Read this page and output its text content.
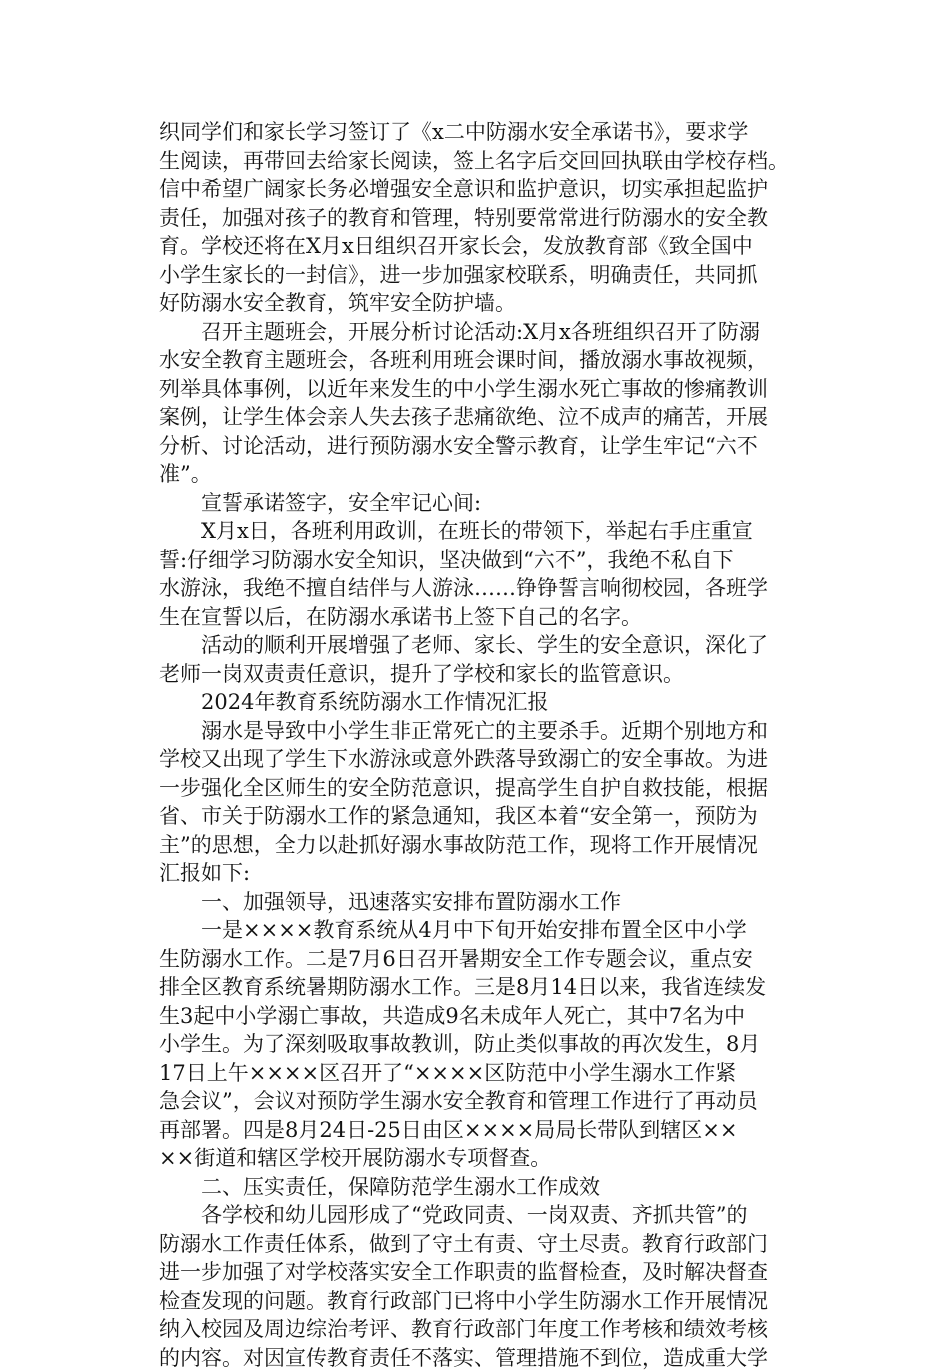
织同学们和家长学习签订了《x二中防溺水安全承诺书》，要求学
生阅读，再带回去给家长阅读，签上名字后交回回执联由学校存档。
信中希望广阔家长务必增强安全意识和监护意识，切实承担起监护
责任，加强对孩子的教育和管理，特别要常常进行防溺水的安全教
育。学校还将在X月x日组织召开家长会，发放教育部《致全国中
小学生家长的一封信》，进一步加强家校联系，明确责任，共同抓
好防溺水安全教育，筑牢安全防护墙。
召开主题班会，开展分析讨论活动:X月x各班组织召开了防溺
水安全教育主题班会，各班利用班会课时间，播放溺水事故视频，
列举具体事例，以近年来发生的中小学生溺水死亡事故的惨痛教训
案例，让学生体会亲人失去孩子悲痛欲绝、泣不成声的痛苦，开展
分析、讨论活动，进行预防溺水安全警示教育，让学生牢记“六不
准”。
宣誓承诺签字，安全牢记心间:
X月x日，各班利用政训，在班长的带领下，举起右手庄重宣
誓:仔细学习防溺水安全知识，坚决做到“六不”，我绝不私自下
水游泳，我绝不擅自结伴与人游泳……铮铮誓言响彻校园，各班学
生在宣誓以后，在防溺水承诺书上签下自己的名字。
活动的顺利开展增强了老师、家长、学生的安全意识，深化了
老师一岗双责责任意识，提升了学校和家长的监管意识。
2024年教育系统防溺水工作情况汇报
溺水是导致中小学生非正常死亡的主要杀手。近期个别地方和
学校又出现了学生下水游泳或意外跌落导致溺亡的安全事故。为进
一步强化全区师生的安全防范意识，提高学生自护自救技能，根据
省、市关于防溺水工作的紧急通知，我区本着“安全第一，预防为
主”的思想，全力以赴抓好溺水事故防范工作，现将工作开展情况
汇报如下:
一、加强领导，迅速落实安排布置防溺水工作
一是××××教育系统从4月中下旬开始安排布置全区中小学
生防溺水工作。二是7月6日召开暑期安全工作专题会议，重点安
排全区教育系统暑期防溺水工作。三是8月14日以来，我省连续发
生3起中小学溺亡事故，共造成9名未成年人死亡，其中7名为中
小学生。为了深刻吸取事故教训，防止类似事故的再次发生，8月
17日上午××××区召开了“××××区防范中小学生溺水工作紧
急会议”，会议对预防学生溺水安全教育和管理工作进行了再动员
再部署。四是8月24日-25日由区××××局局长带队到辖区××
××街道和辖区学校开展防溺水专项督查。
二、压实责任，保障防范学生溺水工作成效
各学校和幼儿园形成了“党政同责、一岗双责、齐抓共管”的
防溺水工作责任体系，做到了守土有责、守土尽责。教育行政部门
进一步加强了对学校落实安全工作职责的监督检查，及时解决督查
检查发现的问题。教育行政部门已将中小学生防溺水工作开展情况
纳入校园及周边综治考评、教育行政部门年度工作考核和绩效考核
的内容。对因宣传教育责任不落实、管理措施不到位，造成重大学
